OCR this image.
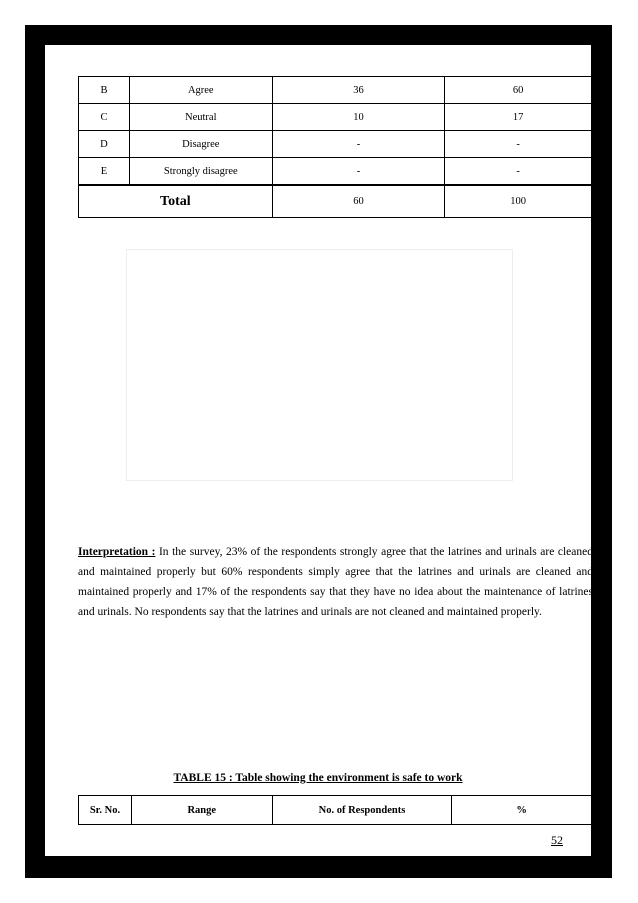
B	Agree	36	60
C	Neutral	10	17
D	Disagree	-	-
E	Strongly disagree	-	-
Total		60	100

Interpretation : In the survey, 23% of the respondents strongly agree that the latrines and urinals are cleaned and maintained properly but 60% respondents simply agree that the latrines and urinals are cleaned and maintained properly and 17% of the respondents say that they have no idea about the maintenance of latrines and urinals. No respondents say that the latrines and urinals are not cleaned and maintained properly.

TABLE 15 : Table showing the environment is safe to work
Sr. No.	Range	No. of Respondents	%
52
